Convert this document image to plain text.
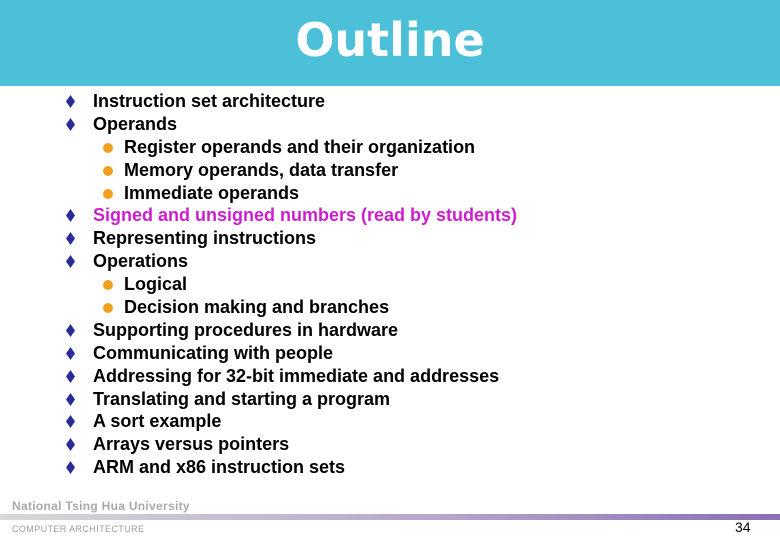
Outline
Instruction set architecture
Operands
Register operands and their organization
Memory operands, data transfer
Immediate operands
Signed and unsigned numbers (read by students)
Representing instructions
Operations
Logical
Decision making and branches
Supporting procedures in hardware
Communicating with people
Addressing for 32-bit immediate and addresses
Translating and starting a program
A sort example
Arrays versus pointers
ARM and x86 instruction sets
National Tsing Hua University
COMPUTER ARCHITECTURE	34
